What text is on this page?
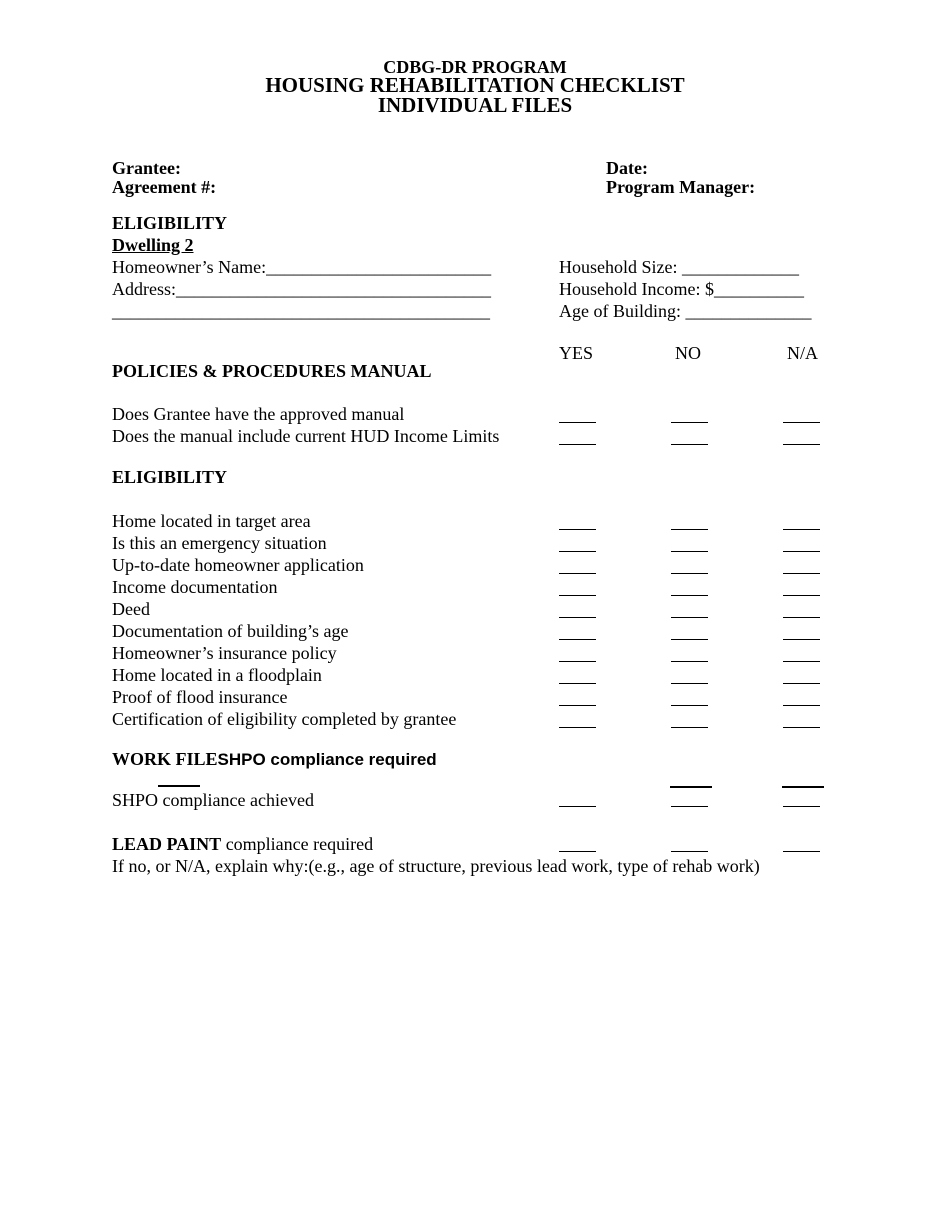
CDBG-DR PROGRAM
HOUSING REHABILITATION CHECKLIST
INDIVIDUAL FILES
Grantee:
Agreement #:
Date:
Program Manager:
ELIGIBILITY
Dwelling 2
Homeowner’s Name:_________________________
Address:___________________________________
__________________________________________
Household Size: _____________
Household Income: $__________
Age of Building: ______________
YES	NO	N/A
POLICIES & PROCEDURES MANUAL
Does Grantee have the approved manual
Does the manual include current HUD Income Limits
ELIGIBILITY
Home located in target area
Is this an emergency situation
Up-to-date homeowner application
Income documentation
Deed
Documentation of building’s age
Homeowner’s insurance policy
Home located in a floodplain
Proof of flood insurance
Certification of eligibility completed by grantee
WORK FILESHPO compliance required
SHPO compliance achieved
LEAD PAINT compliance required
If no, or N/A, explain why:(e.g., age of structure, previous lead work, type of rehab work)
